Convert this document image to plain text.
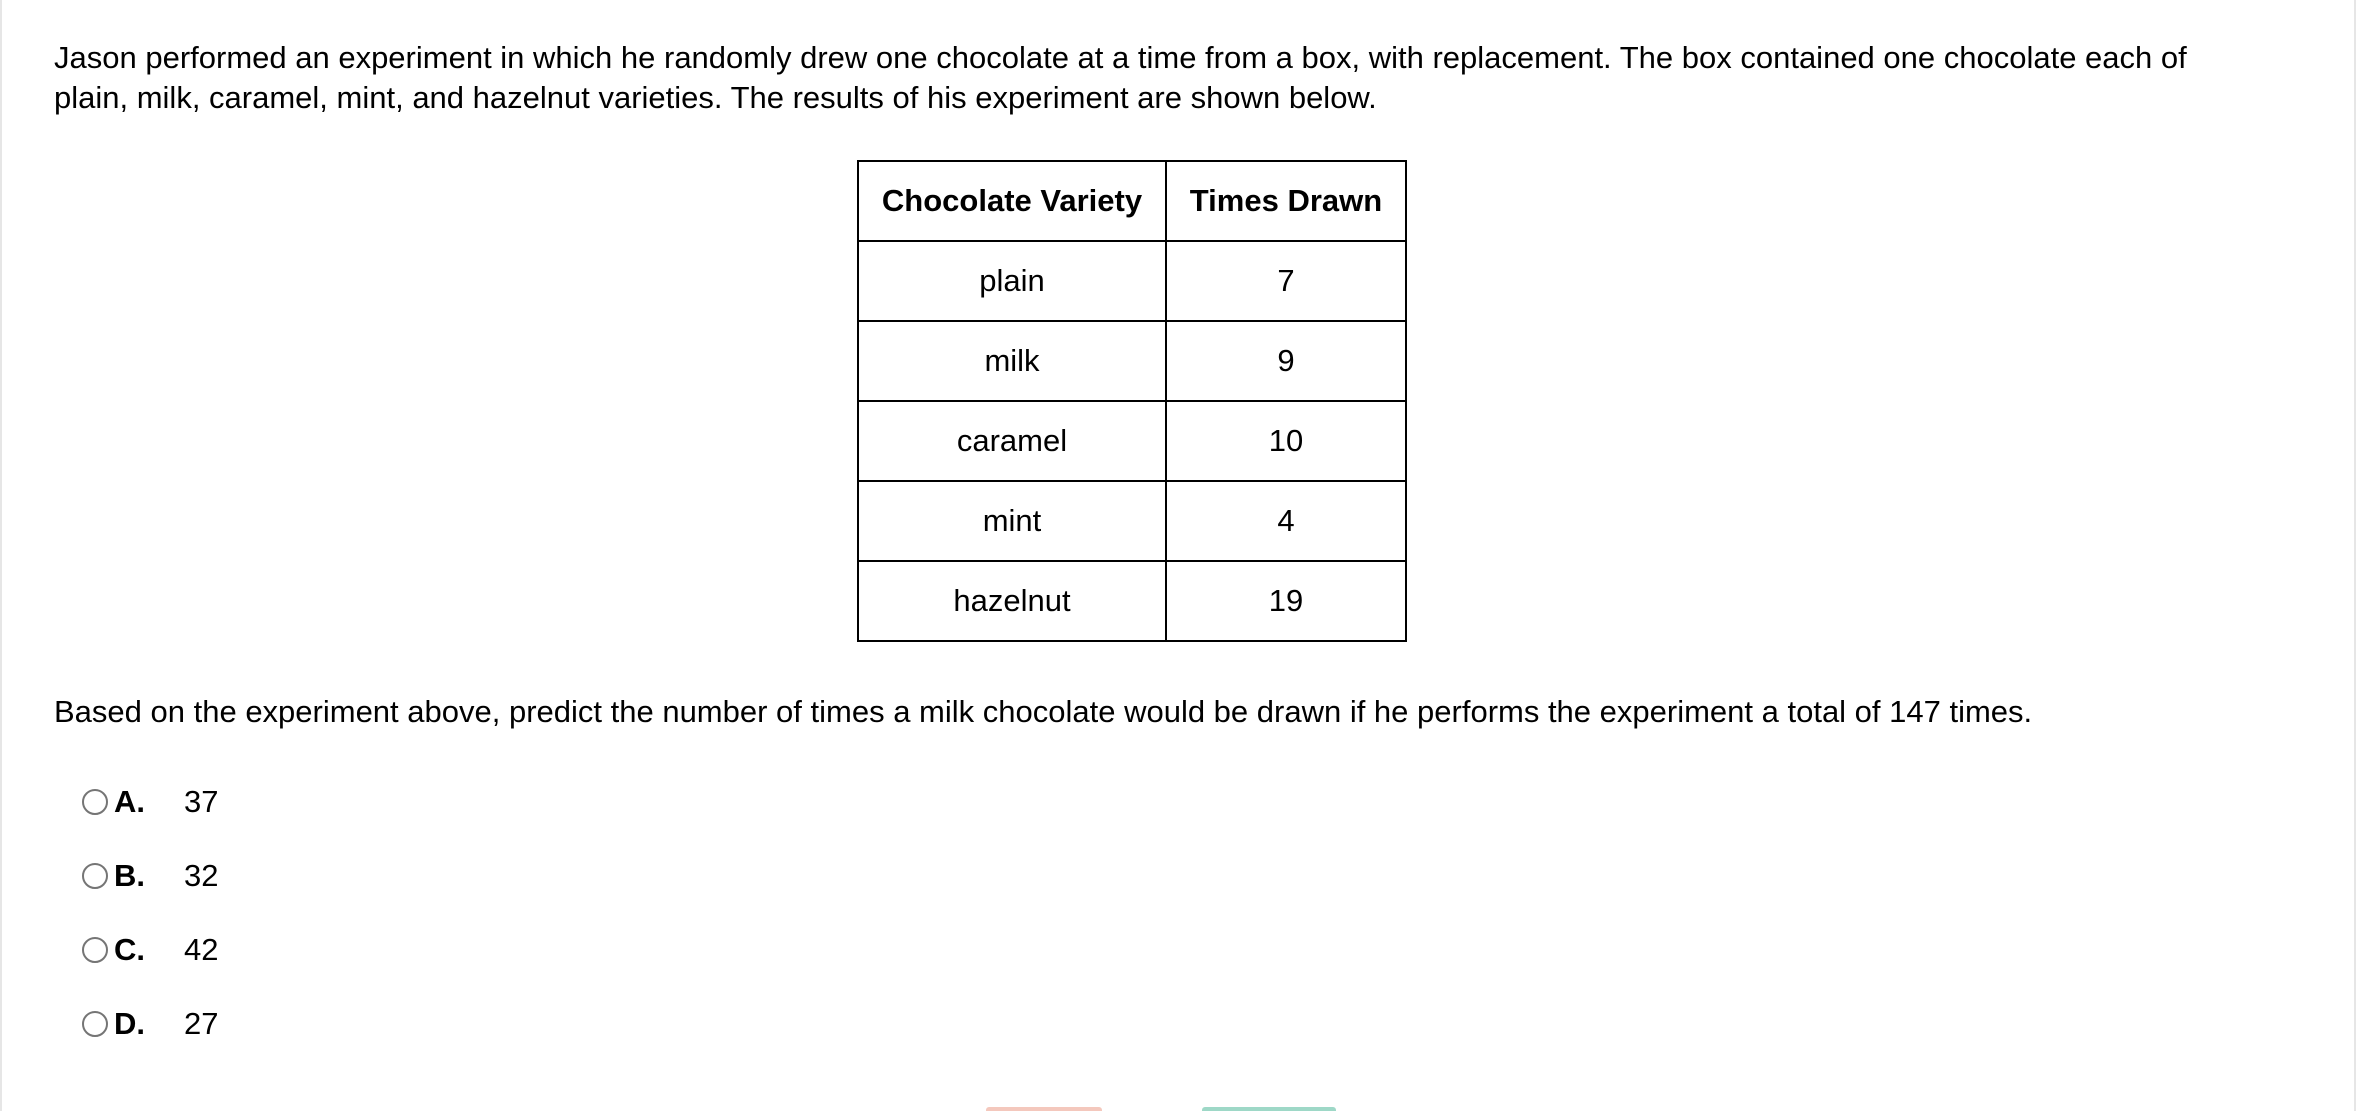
Jason performed an experiment in which he randomly drew one chocolate at a time from a box, with replacement. The box contained one chocolate each of plain, milk, caramel, mint, and hazelnut varieties. The results of his experiment are shown below.

Chocolate Variety	Times Drawn
plain	7
milk	9
caramel	10
mint	4
hazelnut	19

Based on the experiment above, predict the number of times a milk chocolate would be drawn if he performs the experiment a total of 147 times.

A.	37
B.	32
C.	42
D.	27
